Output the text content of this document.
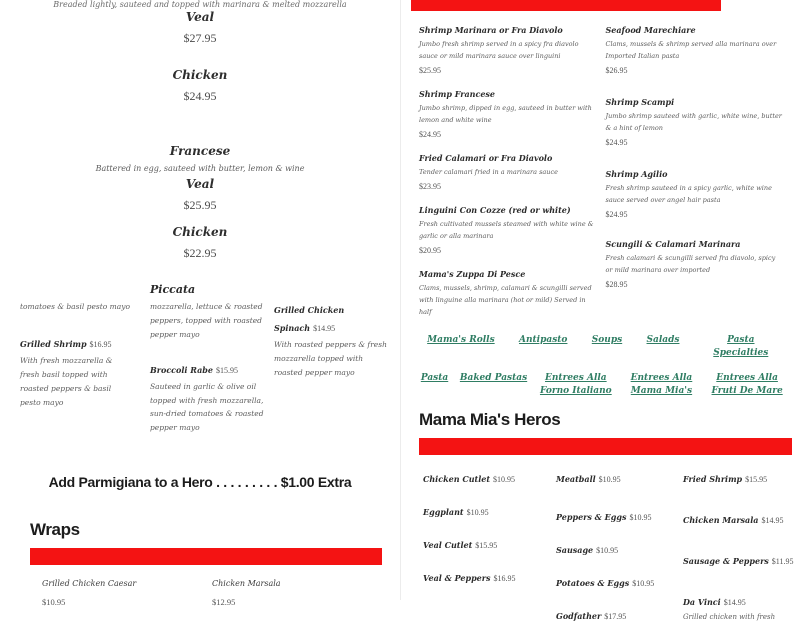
Breaded lightly, sauteed and topped with marinara & melted mozzarella
Veal
$27.95
Chicken
$24.95
Francese
Battered in egg, sauteed with butter, lemon & wine
Veal
$25.95
Chicken
$22.95
tomatoes & basil pesto mayo
Grilled Shrimp $16.95
With fresh mozzarella & fresh basil topped with roasted peppers & basil pesto mayo
Piccata
mozzarella, lettuce & roasted peppers, topped with roasted pepper mayo
Broccoli Rabe $15.95
Sauteed in garlic & olive oil topped with fresh mozzarella, sun-dried tomatoes & roasted pepper mayo
Grilled Chicken Spinach $14.95
With roasted peppers & fresh mozzarella topped with roasted pepper mayo
Add Parmigiana to a Hero . . . . . . . . . $1.00 Extra
Wraps
Grilled Chicken Caesar
$10.95
Chicken Marsala
$12.95
Shrimp Marinara or Fra Diavolo
Jumbo fresh shrimp served in a spicy fra diavolo sauce or mild marinara sauce over linguini
$25.95
Shrimp Francese
Jumbo shrimp, dipped in egg, sauteed in butter with lemon and white wine
$24.95
Fried Calamari or Fra Diavolo
Tender calamari fried in a marinara sauce
$23.95
Linguini Con Cozze (red or white)
Fresh cultivated mussels steamed with white wine & garlic or alla marinara
$20.95
Mama's Zuppa Di Pesce
Clams, mussels, shrimp, calamari & scungilli served with linguine alla marinara (hot or mild) Served in half
Seafood Marechiare
Clams, mussels & shrimp served alla marinara over Imported Italian pasta
$26.95
Shrimp Scampi
Jumbo shrimp sauteed with garlic, white wine, butter & a hint of lemon
$24.95
Shrimp Agilio
Fresh shrimp sauteed in a spicy garlic, white wine sauce served over angel hair pasta
$24.95
Scungili & Calamari Marinara
Fresh calamari & scungilli served fra diavolo, spicy or mild marinara over imported
$28.95
Mama's Rolls	Antipasto	Soups	Salads	Pasta Specialties
Pasta Baked Pastas	Entrees Alla Forno Italiano
Entrees Alla Mama Mia's
Entrees Alla Fruti De Mare
Mama Mia's Heros
Chicken Cutlet $10.95
Eggplant $10.95
Veal Cutlet $15.95
Veal & Peppers $16.95
Meatball $10.95
Peppers & Eggs $10.95
Sausage $10.95
Potatoes & Eggs $10.95
Godfather $17.95
Fried Shrimp $15.95
Chicken Marsala $14.95
Sausage & Peppers $11.95
Da Vinci $14.95
Grilled chicken with fresh
